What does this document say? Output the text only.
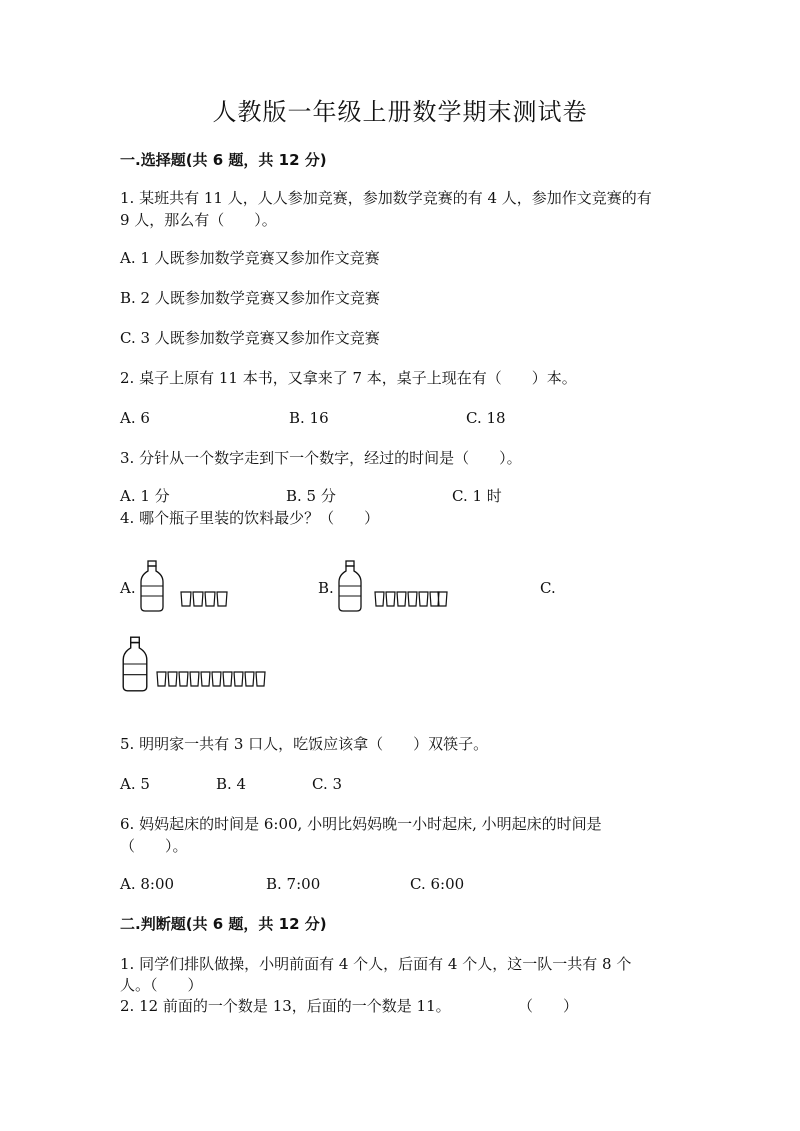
人教版一年级上册数学期末测试卷
一.选择题(共 6 题，共 12 分)
1. 某班共有 11 人，人人参加竞赛，参加数学竞赛的有 4 人，参加作文竞赛的有
9 人，那么有（　　）。
A. 1 人既参加数学竞赛又参加作文竞赛
B. 2 人既参加数学竞赛又参加作文竞赛
C. 3 人既参加数学竞赛又参加作文竞赛
2. 桌子上原有 11 本书，又拿来了 7 本，桌子上现在有（　　）本。
A. 6	B. 16	C. 18
3. 分针从一个数字走到下一个数字，经过的时间是（　　）。
A. 1 分	B. 5 分	C. 1 时
4. 哪个瓶子里装的饮料最少？（　　）
A.	B.	C.
5. 明明家一共有 3 口人，吃饭应该拿（　　）双筷子。
A. 5	B. 4	C. 3
6. 妈妈起床的时间是 6:00, 小明比妈妈晚一小时起床, 小明起床的时间是
（　　）。
A. 8:00	B. 7:00	C. 6:00
二.判断题(共 6 题，共 12 分)
1. 同学们排队做操，小明前面有 4 个人，后面有 4 个人，这一队一共有 8 个
人。（　　）
2. 12 前面的一个数是 13，后面的一个数是 11。	（　　）
